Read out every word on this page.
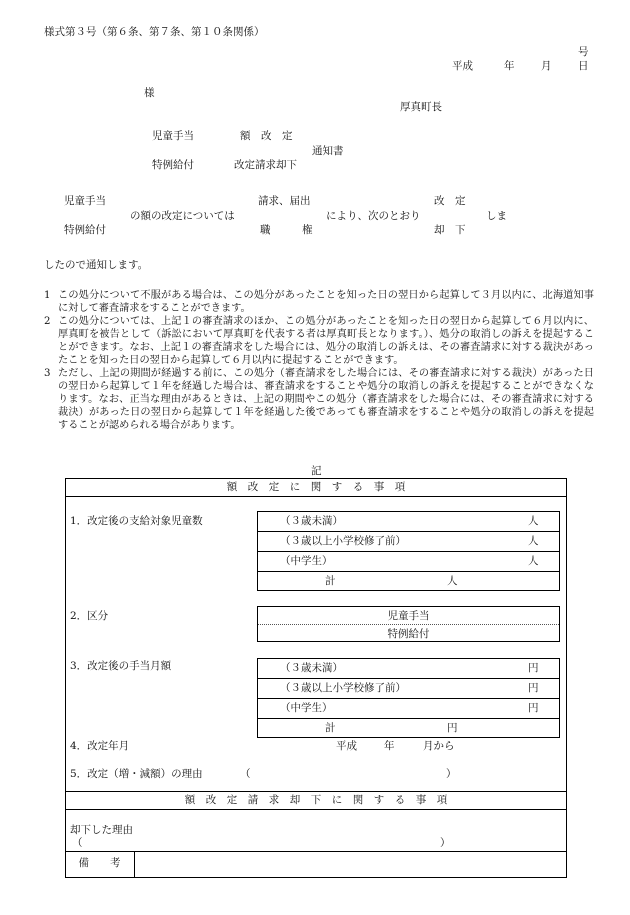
様式第３号（第６条、第７条、第１０条関係）
号
平成	年	月	日
様
厚真町長
児童手当	額　改　定
通知書
特例給付	改定請求却下
児童手当	請求、届出	改　定
の額の改定については	により、次のとおり	しま
特例給付	職　　　権	却　下
したので通知します。

1 この処分について不服がある場合は、この処分があったことを知った日の翌日から起算して３月以内に、北海道知事に対して審査請求をすることができます。

2 この処分については、上記１の審査請求のほか、この処分があったことを知った日の翌日から起算して６月以内に、厚真町を被告として（訴訟において厚真町を代表する者は厚真町長となります。）、処分の取消しの訴えを提起することができます。なお、上記１の審査請求をした場合には、処分の取消しの訴えは、その審査請求に対する裁決があったことを知った日の翌日から起算して６月以内に提起することができます。

3 ただし、上記の期間が経過する前に、この処分（審査請求をした場合には、その審査請求に対する裁決）があった日の翌日から起算して１年を経過した場合は、審査請求をすることや処分の取消しの訴えを提起することができなくなります。なお、正当な理由があるときは、上記の期間やこの処分（審査請求をした場合には、その審査請求に対する裁決）があった日の翌日から起算して１年を経過した後であっても審査請求をすることや処分の取消しの訴えを提起することが認められる場合があります。

記
額　改　定　に　関　す　る　事　項
1．改定後の支給対象児童数	（３歳未満）	人
（３歳以上小学校修了前）	人
（中学生）	人
計	人
2．区分	児童手当
特例給付
3．改定後の手当月額	（３歳未満）	円
（３歳以上小学校修了前）	円
（中学生）	円
計	円
4．改定年月	平成	年	月から
5．改定（増・減額）の理由	（	）
額　改　定　請　求　却　下　に　関　す　る　事　項
却下した理由
（	）
備　　考
